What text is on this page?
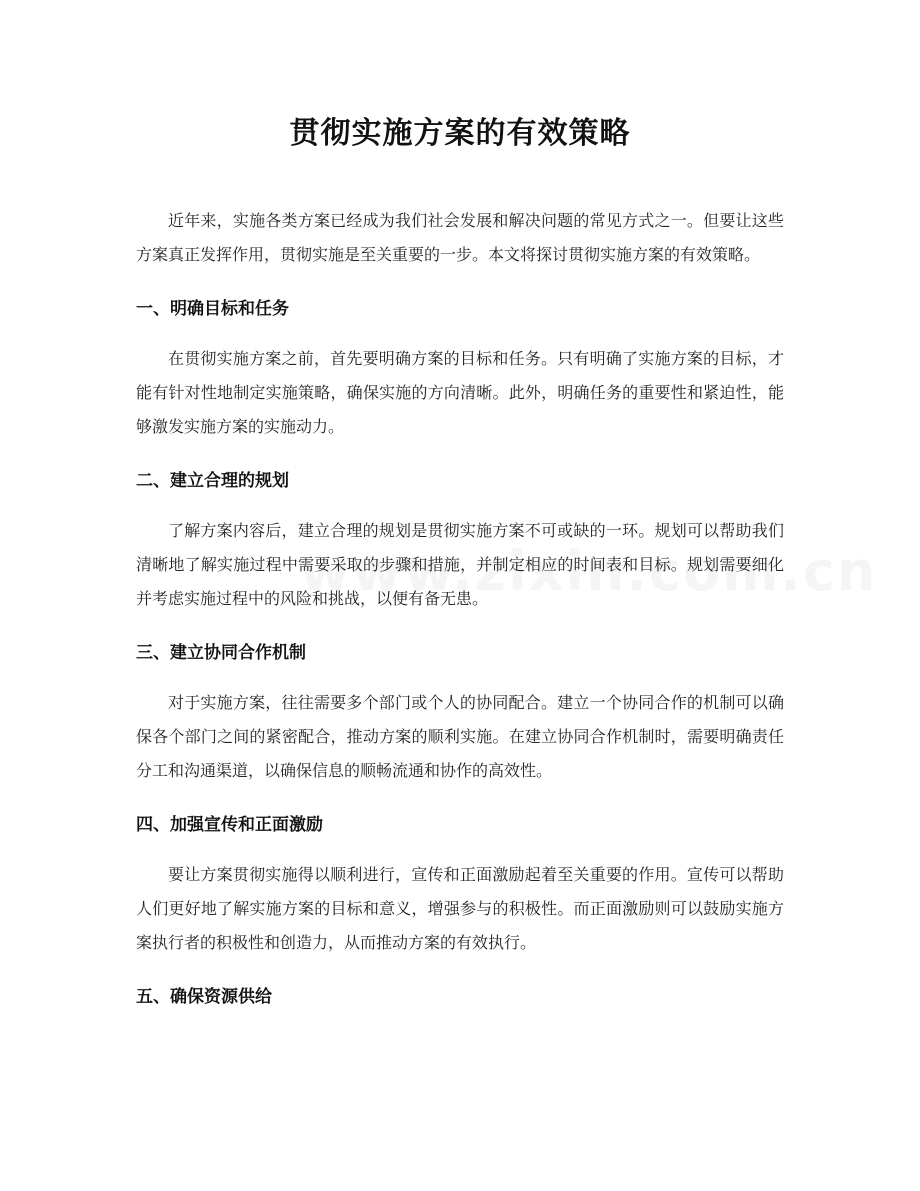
贯彻实施方案的有效策略

近年来，实施各类方案已经成为我们社会发展和解决问题的常见方式之一。但要让这些方案真正发挥作用，贯彻实施是至关重要的一步。本文将探讨贯彻实施方案的有效策略。

一、明确目标和任务

在贯彻实施方案之前，首先要明确方案的目标和任务。只有明确了实施方案的目标，才能有针对性地制定实施策略，确保实施的方向清晰。此外，明确任务的重要性和紧迫性，能够激发实施方案的实施动力。

二、建立合理的规划

了解方案内容后，建立合理的规划是贯彻实施方案不可或缺的一环。规划可以帮助我们清晰地了解实施过程中需要采取的步骤和措施，并制定相应的时间表和目标。规划需要细化并考虑实施过程中的风险和挑战，以便有备无患。

三、建立协同合作机制

对于实施方案，往往需要多个部门或个人的协同配合。建立一个协同合作的机制可以确保各个部门之间的紧密配合，推动方案的顺利实施。在建立协同合作机制时，需要明确责任分工和沟通渠道，以确保信息的顺畅流通和协作的高效性。

四、加强宣传和正面激励

要让方案贯彻实施得以顺利进行，宣传和正面激励起着至关重要的作用。宣传可以帮助人们更好地了解实施方案的目标和意义，增强参与的积极性。而正面激励则可以鼓励实施方案执行者的积极性和创造力，从而推动方案的有效执行。

五、确保资源供给
